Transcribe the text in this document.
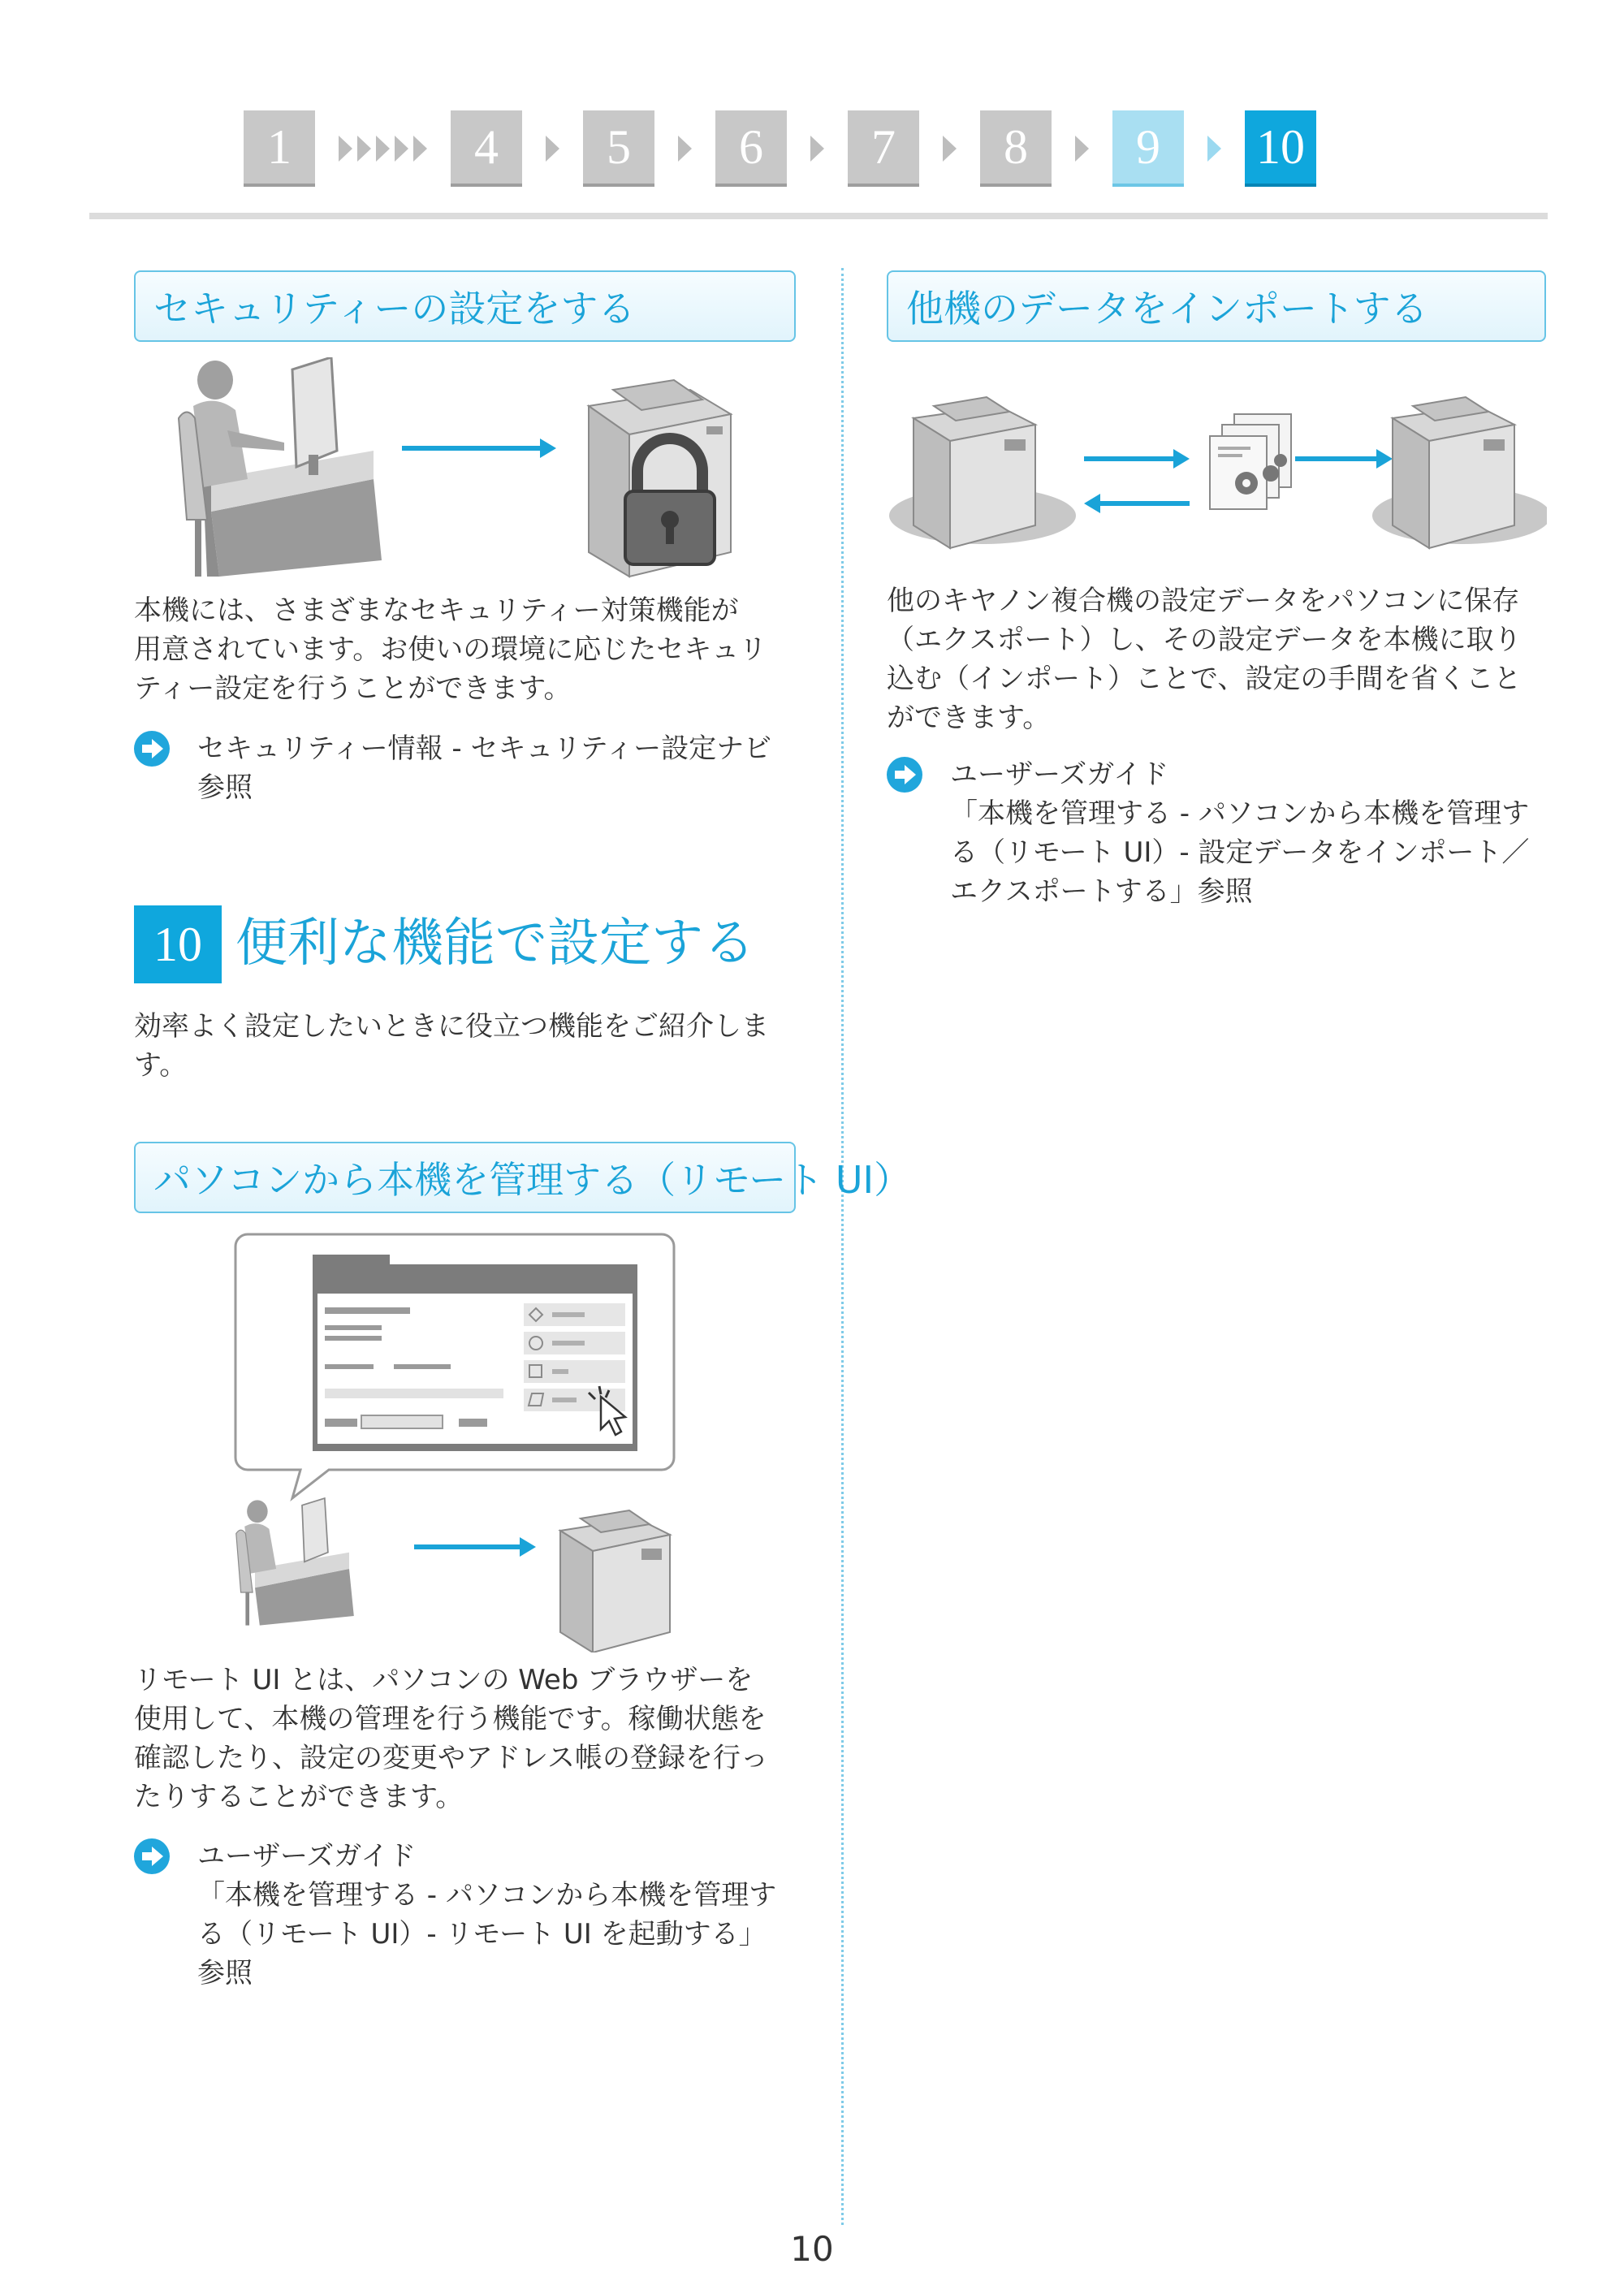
1	4	5	6	7	8	9	10
セキュリティーの設定をする
本機には、さまざまなセキュリティー対策機能が
用意されています。お使いの環境に応じたセキュリ
ティー設定を行うことができます。
セキュリティー情報 - セキュリティー設定ナビ
参照
10 便利な機能で設定する
効率よく設定したいときに役立つ機能をご紹介しま
す。
パソコンから本機を管理する（リモート UI）
リモート UI とは、パソコンの Web ブラウザーを
使用して、本機の管理を行う機能です。稼働状態を
確認したり、設定の変更やアドレス帳の登録を行っ
たりすることができます。
ユーザーズガイド
「本機を管理する - パソコンから本機を管理す
る（リモート UI）- リモート UI を起動する」
参照
他機のデータをインポートする
他のキヤノン複合機の設定データをパソコンに保存
（エクスポート）し、その設定データを本機に取り
込む（インポート）ことで、設定の手間を省くこと
ができます。
ユーザーズガイド
「本機を管理する - パソコンから本機を管理す
る（リモート UI）- 設定データをインポート／
エクスポートする」参照
10
